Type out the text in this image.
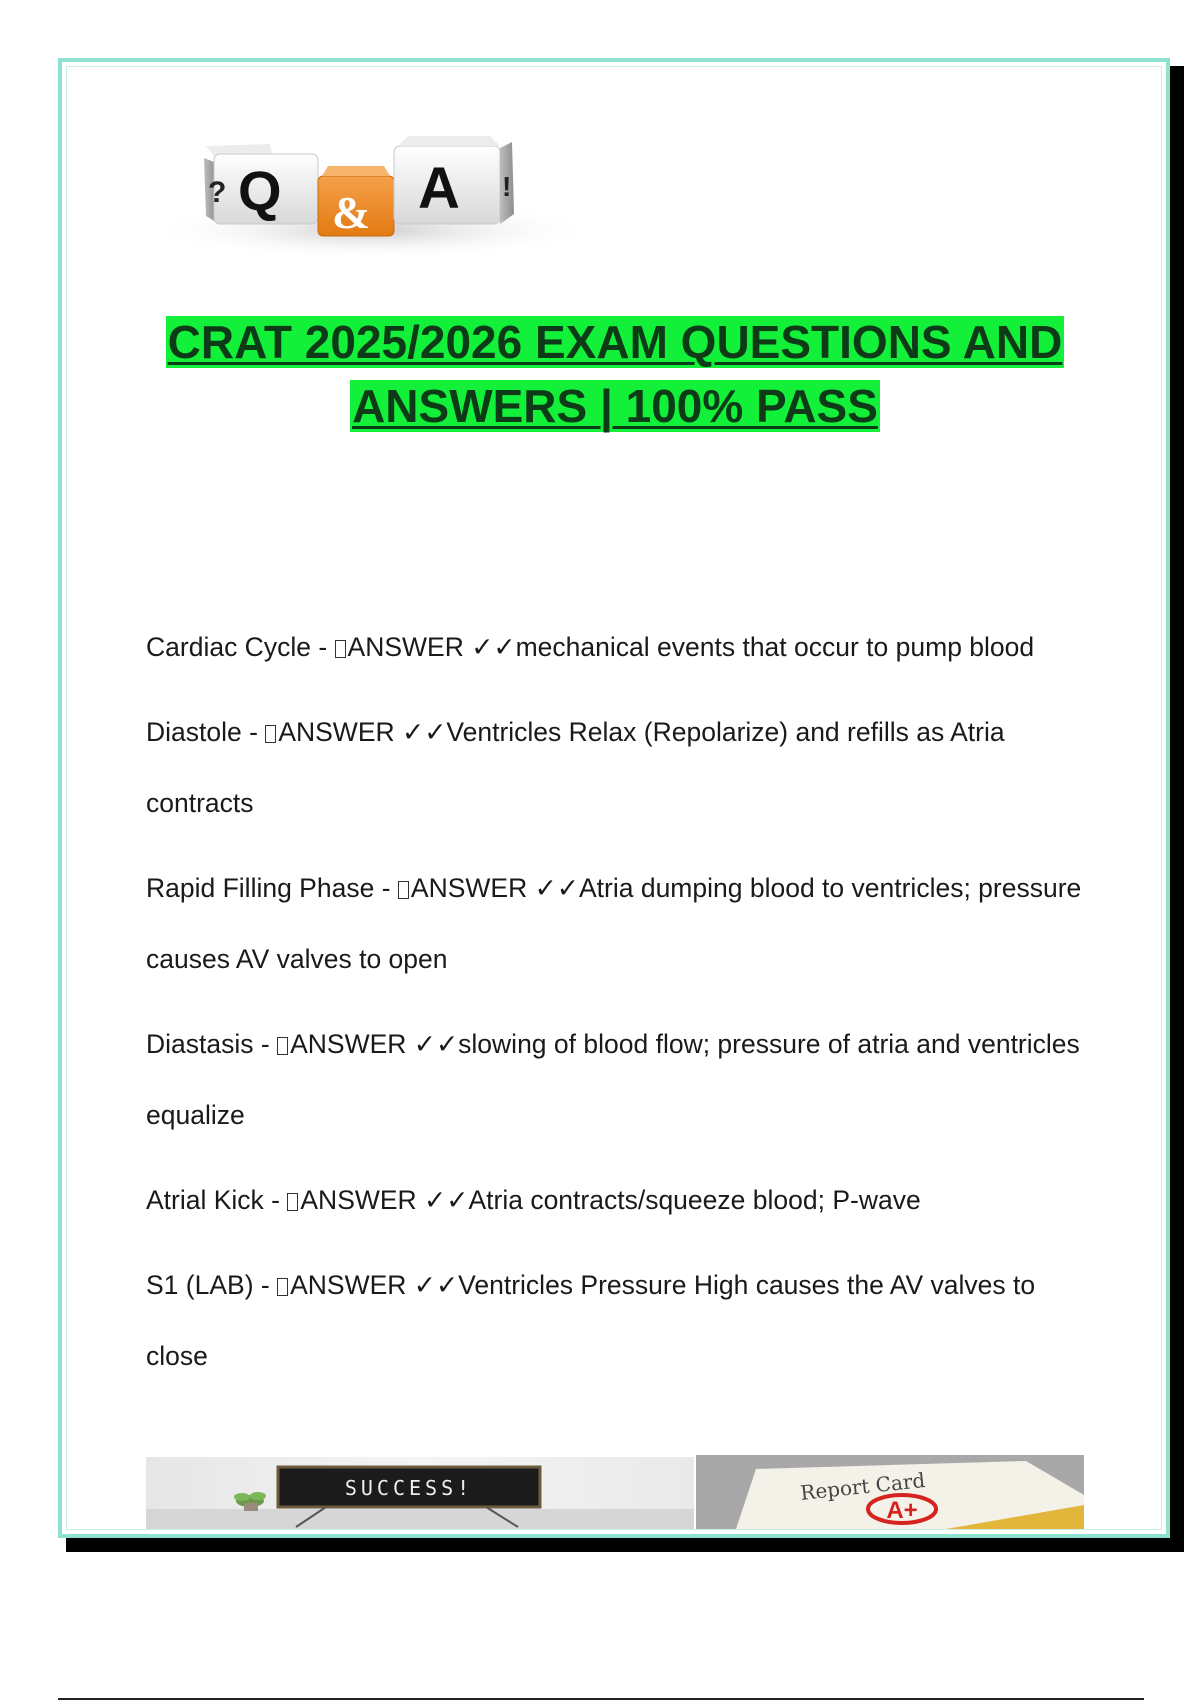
? Q & A !
CRAT 2025/2026 EXAM QUESTIONS AND
ANSWERS | 100% PASS
Cardiac Cycle - ANSWER ✓✓mechanical events that occur to pump blood
Diastole - ANSWER ✓✓Ventricles Relax (Repolarize) and refills as Atria contracts
Rapid Filling Phase - ANSWER ✓✓Atria dumping blood to ventricles; pressure causes AV valves to open
Diastasis - ANSWER ✓✓slowing of blood flow; pressure of atria and ventricles equalize
Atrial Kick - ANSWER ✓✓Atria contracts/squeeze blood; P-wave
S1 (LAB) - ANSWER ✓✓Ventricles Pressure High causes the AV valves to close
SUCCESS!	Report Card
A+
